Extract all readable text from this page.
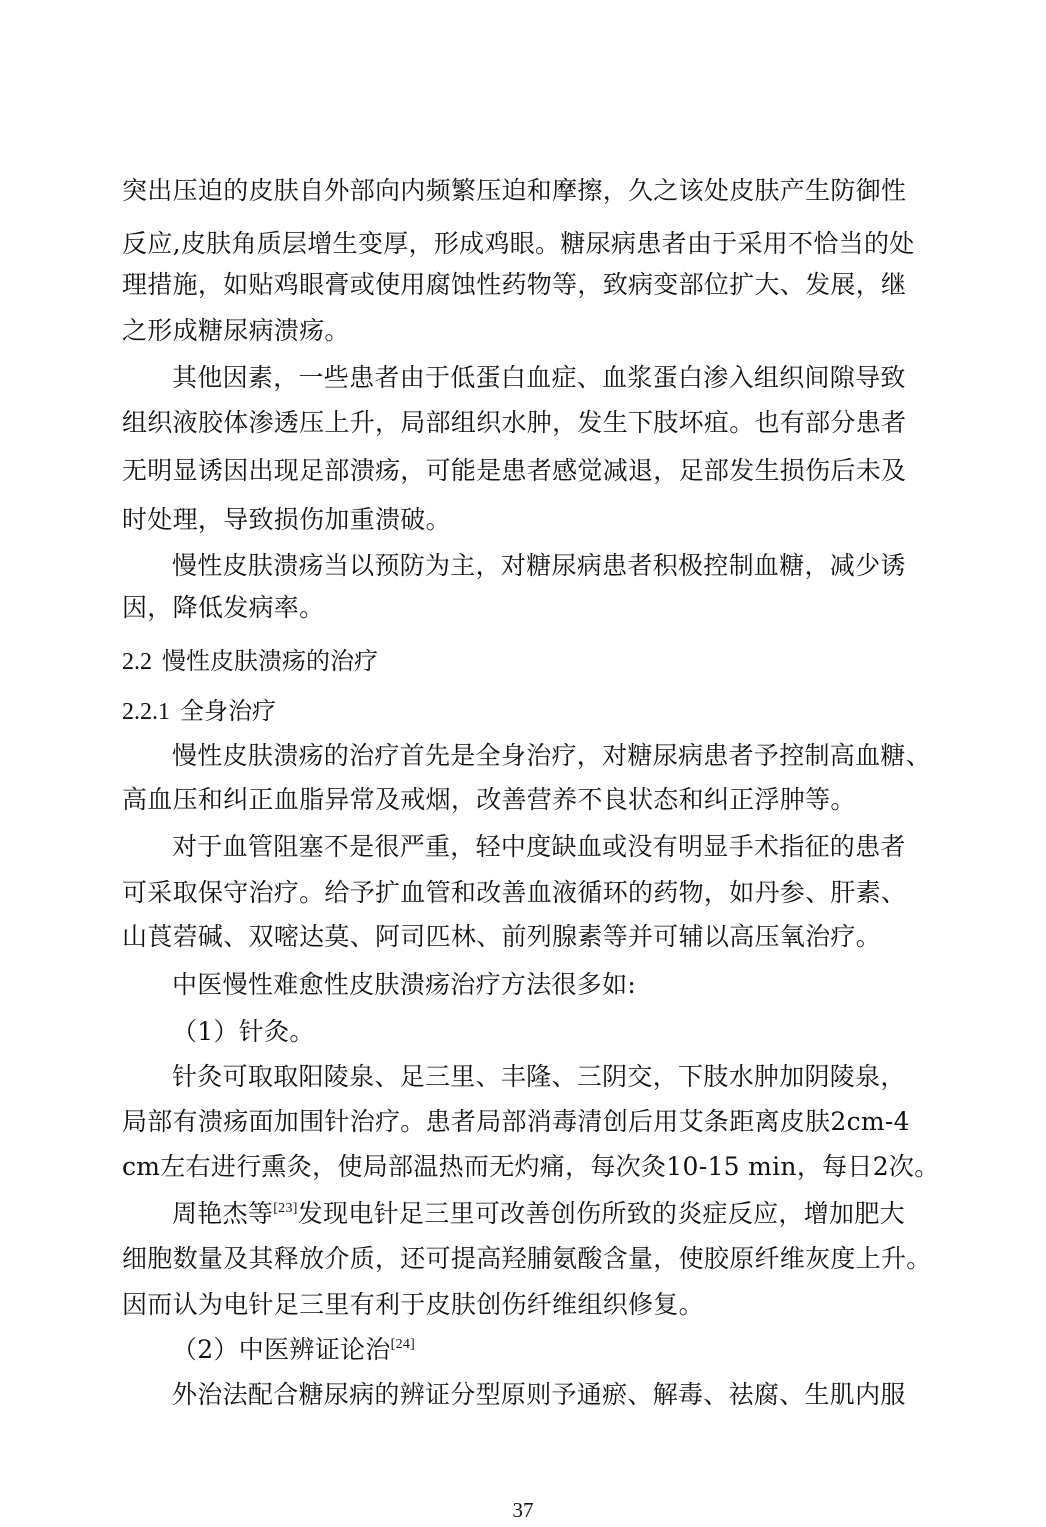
突出压迫的皮肤自外部向内频繁压迫和摩擦，久之该处皮肤产生防御性
反应,皮肤角质层增生变厚，形成鸡眼。糖尿病患者由于采用不恰当的处
理措施，如贴鸡眼膏或使用腐蚀性药物等，致病变部位扩大、发展，继
之形成糖尿病溃疡。
其他因素，一些患者由于低蛋白血症、血浆蛋白渗入组织间隙导致
组织液胶体渗透压上升，局部组织水肿，发生下肢坏疽。也有部分患者
无明显诱因出现足部溃疡，可能是患者感觉减退，足部发生损伤后未及
时处理，导致损伤加重溃破。
慢性皮肤溃疡当以预防为主，对糖尿病患者积极控制血糖，减少诱
因，降低发病率。
2.2 慢性皮肤溃疡的治疗
2.2.1 全身治疗
慢性皮肤溃疡的治疗首先是全身治疗，对糖尿病患者予控制高血糖、
高血压和纠正血脂异常及戒烟，改善营养不良状态和纠正浮肿等。
对于血管阻塞不是很严重，轻中度缺血或没有明显手术指征的患者
可采取保守治疗。给予扩血管和改善血液循环的药物，如丹参、肝素、
山莨菪碱、双嘧达莫、阿司匹林、前列腺素等并可辅以高压氧治疗。
中医慢性难愈性皮肤溃疡治疗方法很多如:
（1）针灸。
针灸可取取阳陵泉、足三里、丰隆、三阴交，下肢水肿加阴陵泉，
局部有溃疡面加围针治疗。患者局部消毒清创后用艾条距离皮肤2cm-4
cm左右进行熏灸，使局部温热而无灼痛，每次灸10-15 min，每日2次。
周艳杰等[23]发现电针足三里可改善创伤所致的炎症反应，增加肥大
细胞数量及其释放介质，还可提高羟脯氨酸含量，使胶原纤维灰度上升。
因而认为电针足三里有利于皮肤创伤纤维组织修复。
（2）中医辨证论治[24]
外治法配合糖尿病的辨证分型原则予通瘀、解毒、祛腐、生肌内服
37
